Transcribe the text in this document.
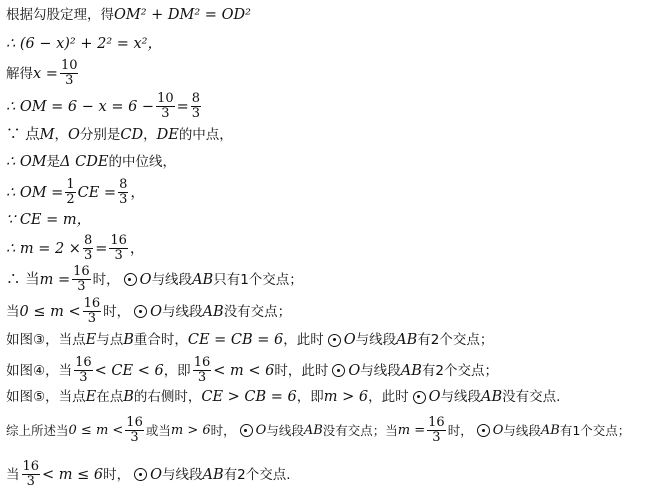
根据勾股定理，得 OM² + DM² = OD²
∴ (6 − x)² + 2² = x²，
解得 $x = \frac{10}{3}$
∴ OM = $6 - x = 6 - \frac{10}{3} = \frac{8}{3}$
∵ 点 M ， O 分别是 CD ， DE 的中点，
∴ OM 是 Δ CDE 的中位线，
∴ OM = $\frac{1}{2}$ CE = $\frac{8}{3}$ ，
∵ CE = m，
∴ $m = 2 \times \frac{8}{3} = \frac{16}{3}$ ，
∴ 当 $m = \frac{16}{3}$ 时， O 与线段 AB 只有1个交点；
当 $0 \le m < \frac{16}{3}$ 时， O 与线段 AB 没有交点；
如图③，当点 E 与点 B 重合时， CE = CB = 6 ，此时 O 与线段 AB 有2个交点；
如图④，当 $\frac{16}{3}$ < CE < 6 ，即 $\frac{16}{3} < m < 6$ 时，此时 O 与线段 AB 有2个交点；
如图⑤，当点 E 在点 B 的右侧时， CE > CB = 6 ，即 m > 6 ，此时 O 与线段 AB 没有交点.
综上所述当 $0 \le m < \frac{16}{3}$ 或当 m > 6 时， O 与线段 AB 没有交点；当 $m = \frac{16}{3}$ 时， O 与线段 AB 有1个交点；
当 $\frac{16}{3} < m \le 6$ 时， O 与线段 AB 有2个交点.
